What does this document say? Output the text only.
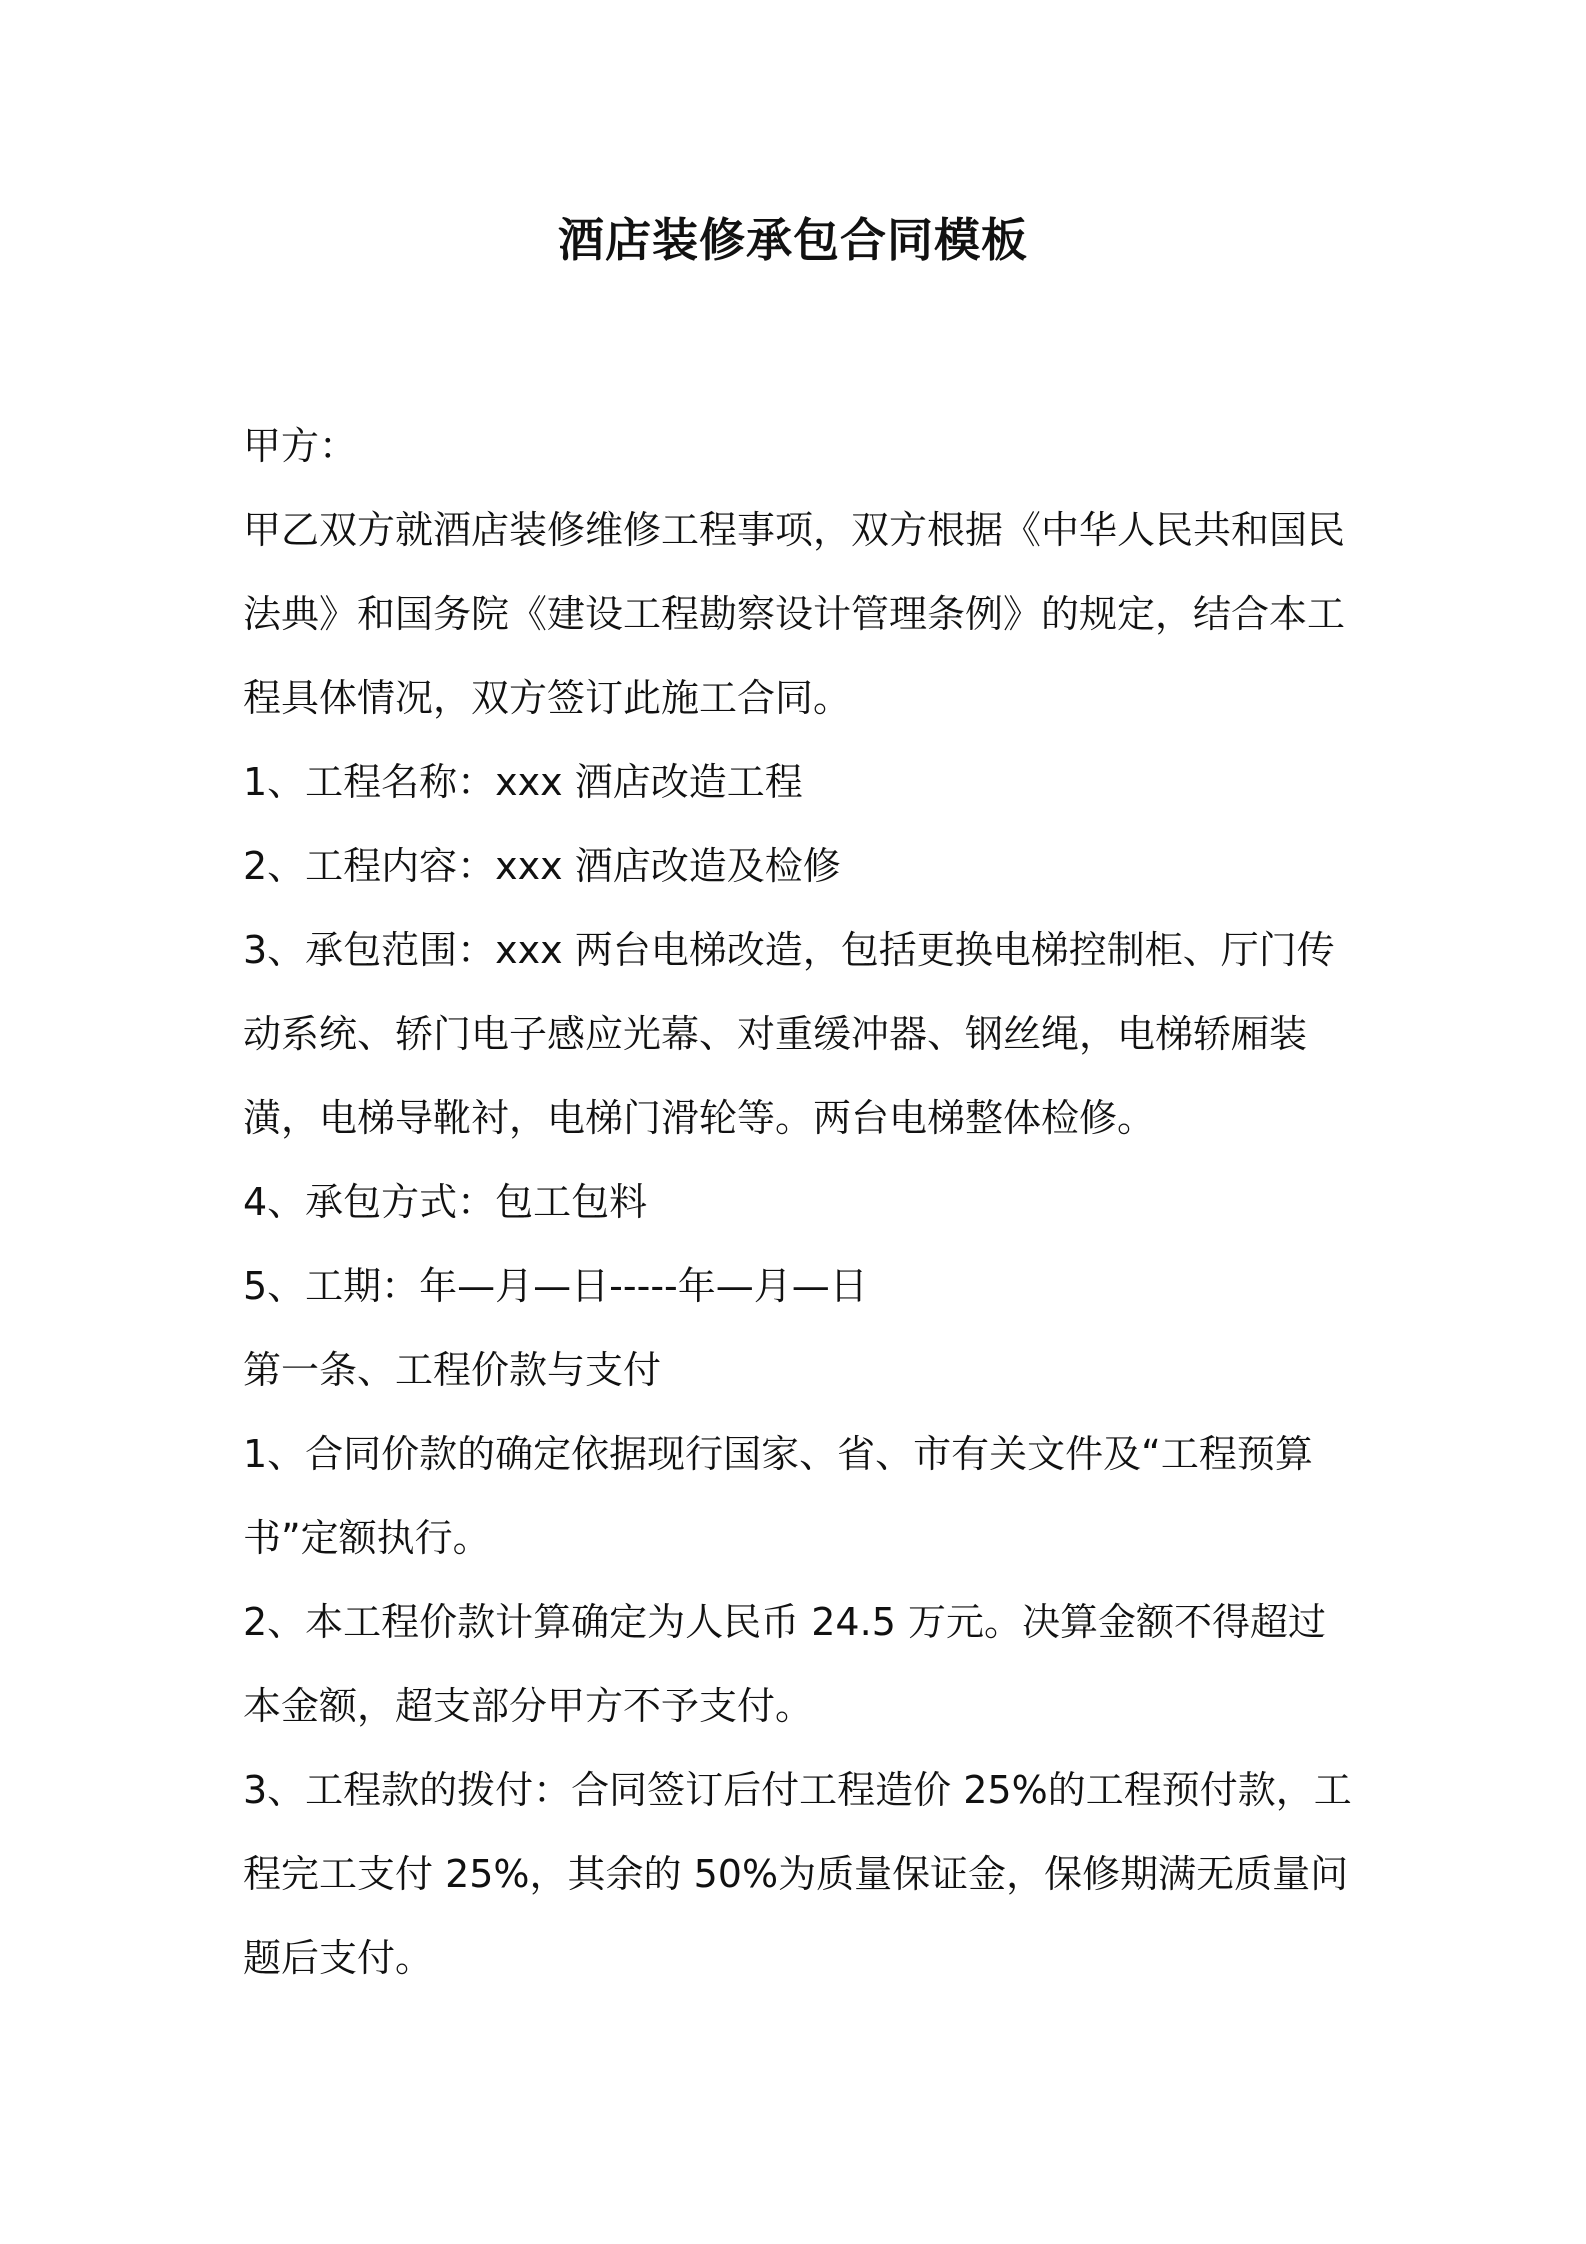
酒店装修承包合同模板

甲方：

甲乙双方就酒店装修维修工程事项，双方根据《中华人民共和国民法典》和国务院《建设工程勘察设计管理条例》的规定，结合本工程具体情况，双方签订此施工合同。

1、工程名称：xxx 酒店改造工程

2、工程内容：xxx 酒店改造及检修

3、承包范围：xxx 两台电梯改造，包括更换电梯控制柜、厅门传动系统、轿门电子感应光幕、对重缓冲器、钢丝绳，电梯轿厢装潢，电梯导靴衬，电梯门滑轮等。两台电梯整体检修。

4、承包方式：包工包料

5、工期：年—月—日-----年—月—日

第一条、工程价款与支付

1、合同价款的确定依据现行国家、省、市有关文件及“工程预算书”定额执行。

2、本工程价款计算确定为人民币 24.5 万元。决算金额不得超过本金额，超支部分甲方不予支付。

3、工程款的拨付：合同签订后付工程造价 25%的工程预付款，工程完工支付 25%，其余的 50%为质量保证金，保修期满无质量问题后支付。
